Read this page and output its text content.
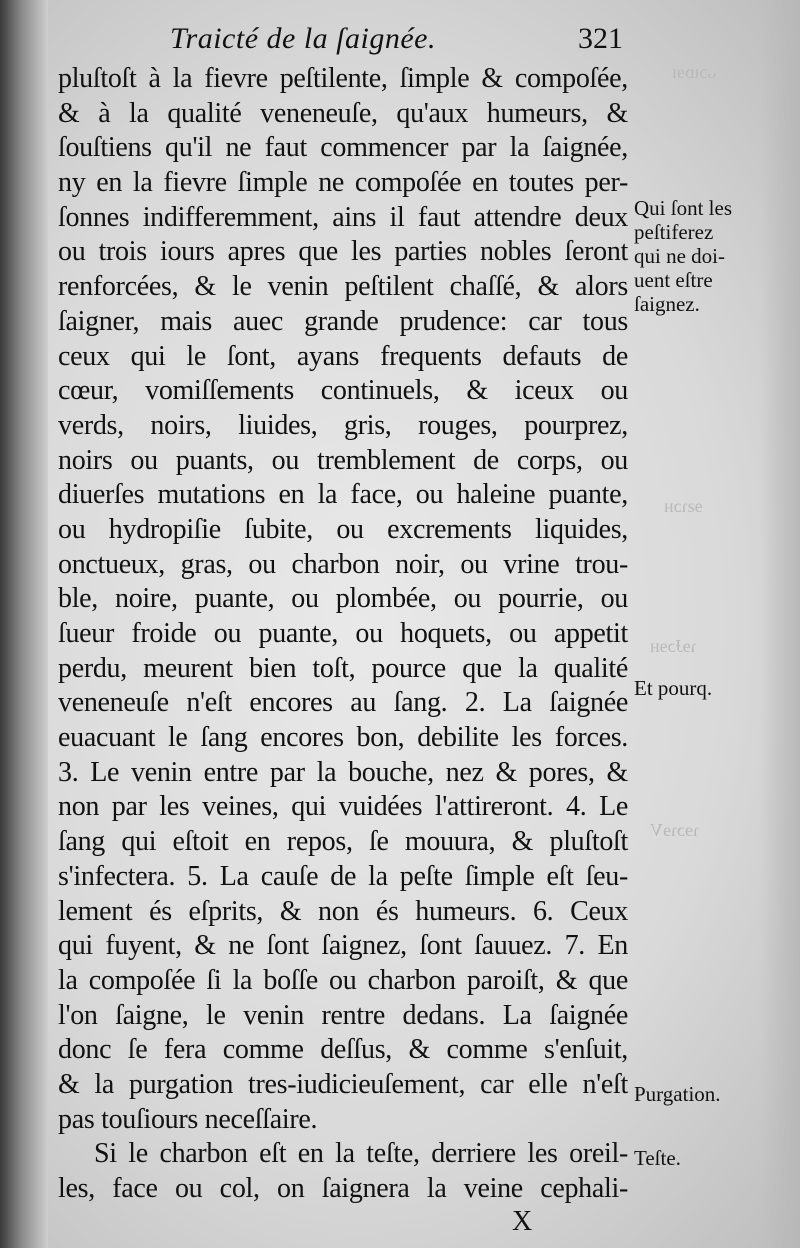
ᴗɔɩᴅɘɪ
ɘƨɿɔʜ
ɿɘɈɔɘʜ
ɿɘɔɿɘV
Traicté de la ſaignée.	321
pluſtoſt à la fievre peſtilente, ſimple & compoſée,
& à la qualité veneneuſe, qu'aux humeurs, &
ſouſtiens qu'il ne faut commencer par la ſaignée,
ny en la fievre ſimple ne compoſée en toutes per-
ſonnes indifferemment, ains il faut attendre deux
ou trois iours apres que les parties nobles ſeront
renforcées, & le venin peſtilent chaſſé, & alors
ſaigner, mais auec grande prudence: car tous
ceux qui le ſont, ayans frequents defauts de
cœur, vomiſſements continuels, & iceux ou
verds, noirs, liuides, gris, rouges, pourprez,
noirs ou puants, ou tremblement de corps, ou
diuerſes mutations en la face, ou haleine puante,
ou hydropiſie ſubite, ou excrements liquides,
onctueux, gras, ou charbon noir, ou vrine trou-
ble, noire, puante, ou plombée, ou pourrie, ou
ſueur froide ou puante, ou hoquets, ou appetit
perdu, meurent bien toſt, pource que la qualité
veneneuſe n'eſt encores au ſang. 2. La ſaignée
euacuant le ſang encores bon, debilite les forces.
3. Le venin entre par la bouche, nez & pores, &
non par les veines, qui vuidées l'attireront. 4. Le
ſang qui eſtoit en repos, ſe mouura, & pluſtoſt
s'infectera. 5. La cauſe de la peſte ſimple eſt ſeu-
lement és eſprits, & non és humeurs. 6. Ceux
qui fuyent, & ne ſont ſaignez, ſont ſauuez. 7. En
la compoſée ſi la boſſe ou charbon paroiſt, & que
l'on ſaigne, le venin rentre dedans. La ſaignée
donc ſe fera comme deſſus, & comme s'enſuit,
& la purgation tres-iudicieuſement, car elle n'eſt
pas touſiours neceſſaire.
Si le charbon eſt en la teſte, derriere les oreil-
les, face ou col, on ſaignera la veine cephali-
Qui ſont les
peſtiferez
qui ne doi-
uent eſtre
ſaignez.
Et pourq.
Purgation.
Teſte.
X
